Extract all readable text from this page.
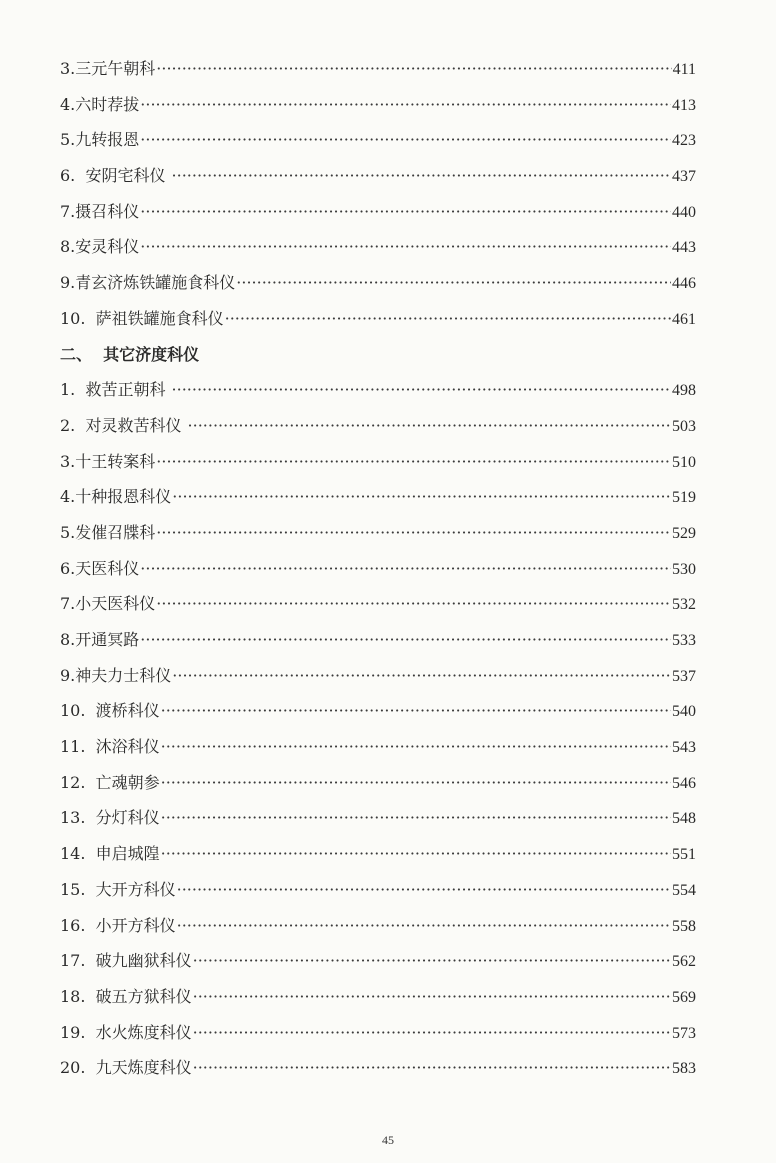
3.三元午朝科 ·····	411
4.六时荐拔 ·····	413
5.九转报恩 ·····	423
6.  安阴宅科仪 ·····	437
7.摄召科仪 ·····	440
8.安灵科仪 ·····	443
9.青玄济炼铁罐施食科仪 ·····	446
10.  萨祖铁罐施食科仪 ·····	461
二、  其它济度科仪
1.  救苦正朝科 ·····	498
2.  对灵救苦科仪 ·····	503
3.十王转案科 ·····	510
4.十种报恩科仪 ·····	519
5.发催召牒科 ·····	529
6.天医科仪 ·····	530
7.小天医科仪 ·····	532
8.开通冥路 ·····	533
9.神夫力士科仪 ·····	537
10.  渡桥科仪 ·····	540
11.  沐浴科仪 ·····	543
12.  亡魂朝参 ·····	546
13.  分灯科仪 ·····	548
14.  申启城隍 ·····	551
15.  大开方科仪 ·····	554
16.  小开方科仪 ·····	558
17.  破九幽狱科仪 ·····	562
18.  破五方狱科仪 ·····	569
19.  水火炼度科仪 ·····	573
20.  九天炼度科仪 ·····	583
45
